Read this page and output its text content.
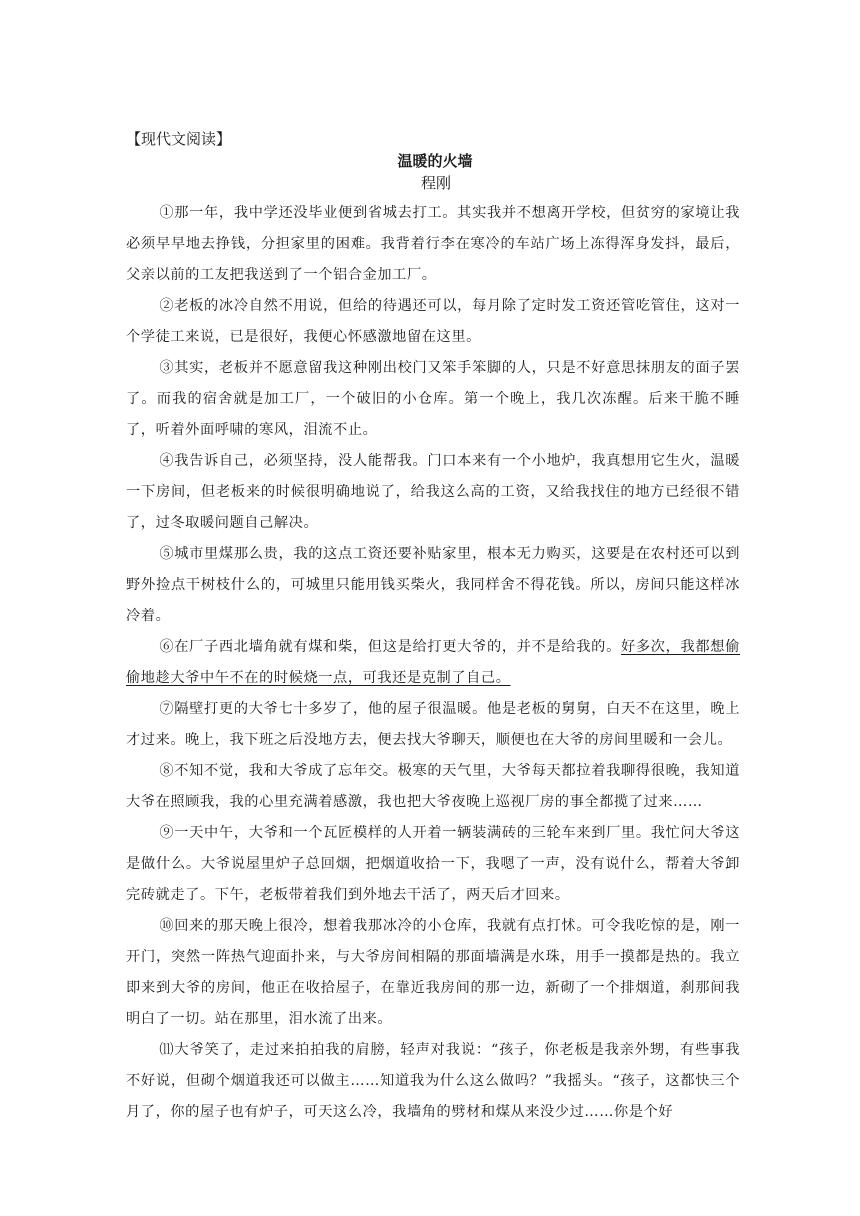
【现代文阅读】

温暖的火墙

程刚

①那一年，我中学还没毕业便到省城去打工。其实我并不想离开学校，但贫穷的家境让我必须早早地去挣钱，分担家里的困难。我背着行李在寒冷的车站广场上冻得浑身发抖，最后，父亲以前的工友把我送到了一个铝合金加工厂。

②老板的冰冷自然不用说，但给的待遇还可以，每月除了定时发工资还管吃管住，这对一个学徒工来说，已是很好，我便心怀感激地留在这里。

③其实，老板并不愿意留我这种刚出校门又笨手笨脚的人，只是不好意思抹朋友的面子罢了。而我的宿舍就是加工厂，一个破旧的小仓库。第一个晚上，我几次冻醒。后来干脆不睡了，听着外面呼啸的寒风，泪流不止。

④我告诉自己，必须坚持，没人能帮我。门口本来有一个小地炉，我真想用它生火，温暖一下房间，但老板来的时候很明确地说了，给我这么高的工资，又给我找住的地方已经很不错了，过冬取暖问题自己解决。

⑤城市里煤那么贵，我的这点工资还要补贴家里，根本无力购买，这要是在农村还可以到野外捡点干树枝什么的，可城里只能用钱买柴火，我同样舍不得花钱。所以，房间只能这样冰冷着。

⑥在厂子西北墙角就有煤和柴，但这是给打更大爷的，并不是给我的。好多次，我都想偷偷地趁大爷中午不在的时候烧一点，可我还是克制了自己。

⑦隔壁打更的大爷七十多岁了，他的屋子很温暖。他是老板的舅舅，白天不在这里，晚上才过来。晚上，我下班之后没地方去，便去找大爷聊天，顺便也在大爷的房间里暖和一会儿。

⑧不知不觉，我和大爷成了忘年交。极寒的天气里，大爷每天都拉着我聊得很晚，我知道大爷在照顾我，我的心里充满着感激，我也把大爷夜晚上巡视厂房的事全都揽了过来……

⑨一天中午，大爷和一个瓦匠模样的人开着一辆装满砖的三轮车来到厂里。我忙问大爷这是做什么。大爷说屋里炉子总回烟，把烟道收拾一下，我嗯了一声，没有说什么，帮着大爷卸完砖就走了。下午，老板带着我们到外地去干活了，两天后才回来。

⑩回来的那天晚上很冷，想着我那冰冷的小仓库，我就有点打怵。可令我吃惊的是，刚一开门，突然一阵热气迎面扑来，与大爷房间相隔的那面墙满是水珠，用手一摸都是热的。我立即来到大爷的房间，他正在收拾屋子，在靠近我房间的那一边，新砌了一个排烟道，刹那间我明白了一切。站在那里，泪水流了出来。

⑾大爷笑了，走过来拍拍我的肩膀，轻声对我说：“孩子，你老板是我亲外甥，有些事我不好说，但砌个烟道我还可以做主……知道我为什么这么做吗？”我摇头。“孩子，这都快三个月了，你的屋子也有炉子，可天这么冷，我墙角的劈材和煤从来没少过……你是个好
